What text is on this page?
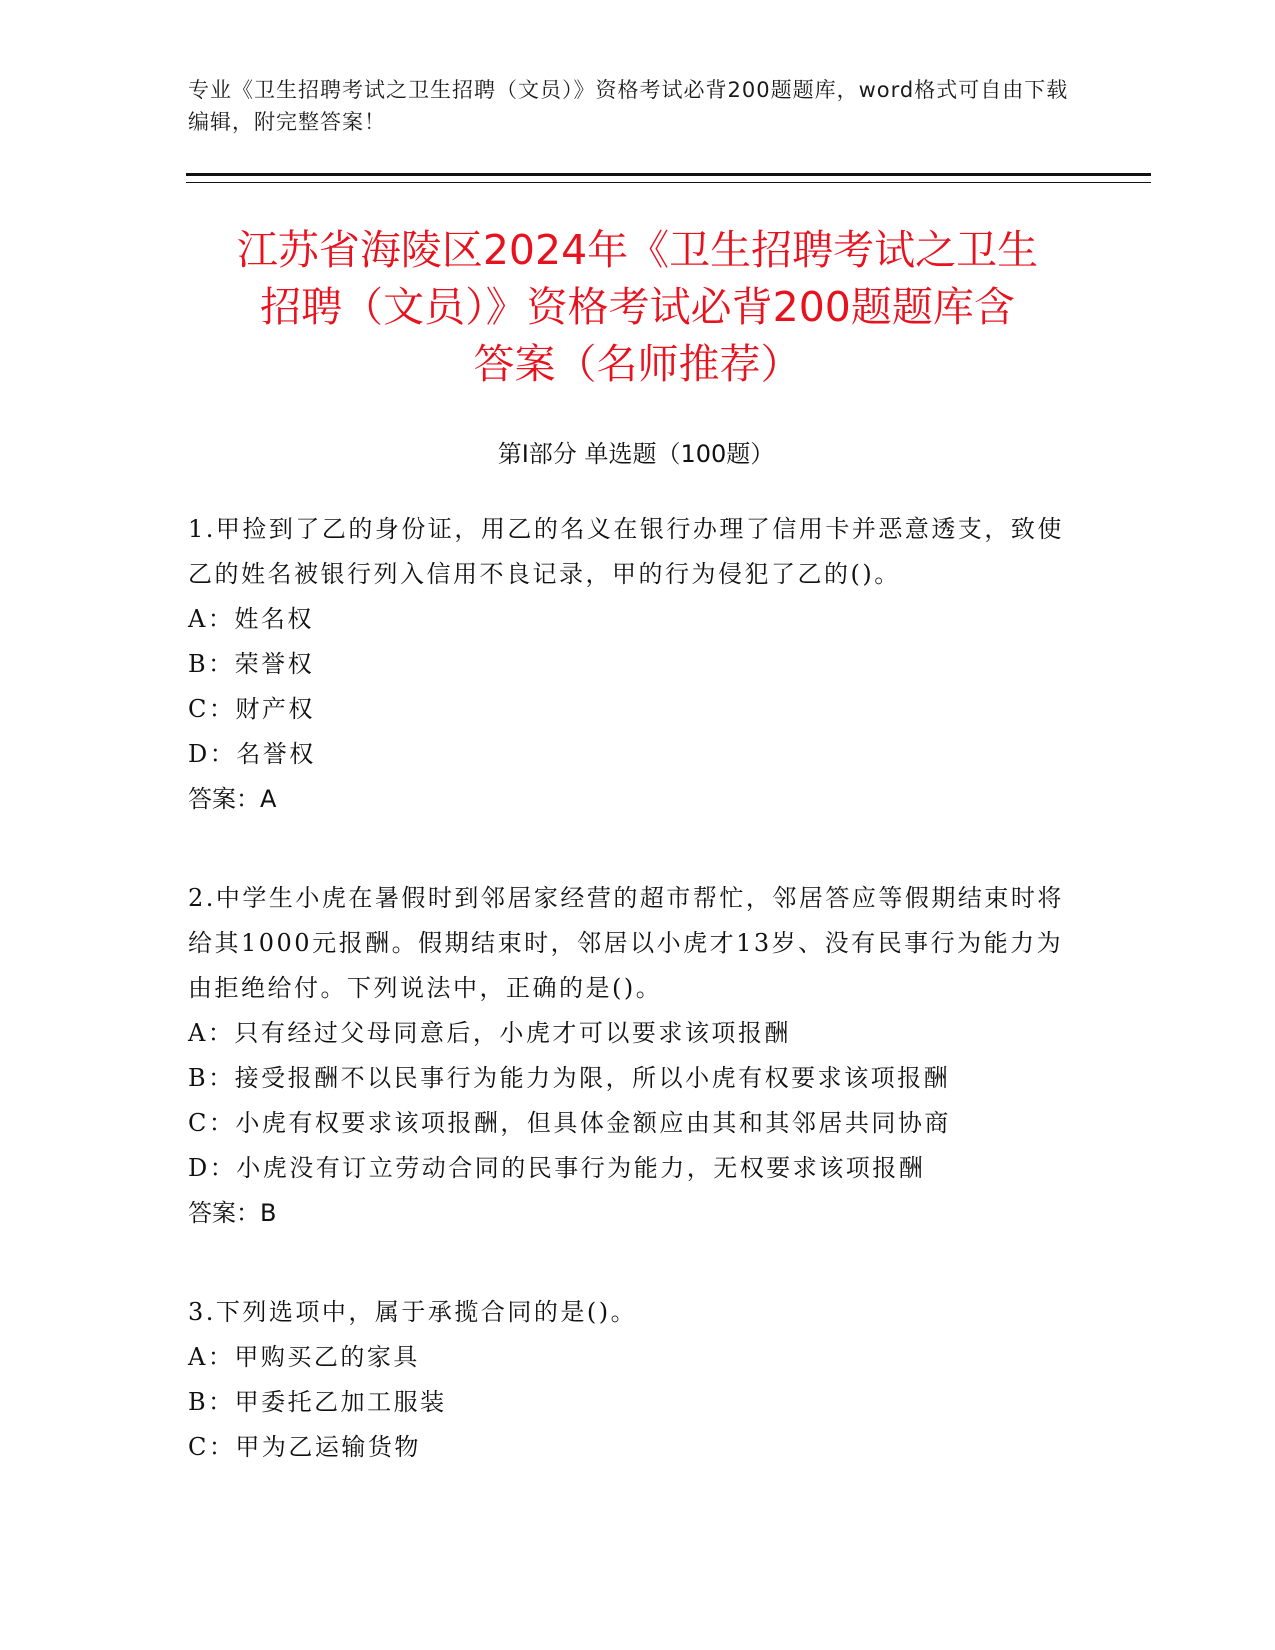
专业《卫生招聘考试之卫生招聘（文员）》资格考试必背200题题库，word格式可自由下载编辑，附完整答案！
江苏省海陵区2024年《卫生招聘考试之卫生
招聘（文员）》资格考试必背200题题库含
答案（名师推荐）
第Ⅰ部分 单选题（100题）

1.甲捡到了乙的身份证，用乙的名义在银行办理了信用卡并恶意透支，致使乙的姓名被银行列入信用不良记录，甲的行为侵犯了乙的()。

A：姓名权

B：荣誉权

C：财产权

D：名誉权

答案：A

2.中学生小虎在暑假时到邻居家经营的超市帮忙，邻居答应等假期结束时将给其1000元报酬。假期结束时，邻居以小虎才13岁、没有民事行为能力为由拒绝给付。下列说法中，正确的是()。

A：只有经过父母同意后，小虎才可以要求该项报酬

B：接受报酬不以民事行为能力为限，所以小虎有权要求该项报酬

C：小虎有权要求该项报酬，但具体金额应由其和其邻居共同协商

D：小虎没有订立劳动合同的民事行为能力，无权要求该项报酬

答案：B

3.下列选项中，属于承揽合同的是()。

A：甲购买乙的家具

B：甲委托乙加工服装

C：甲为乙运输货物
